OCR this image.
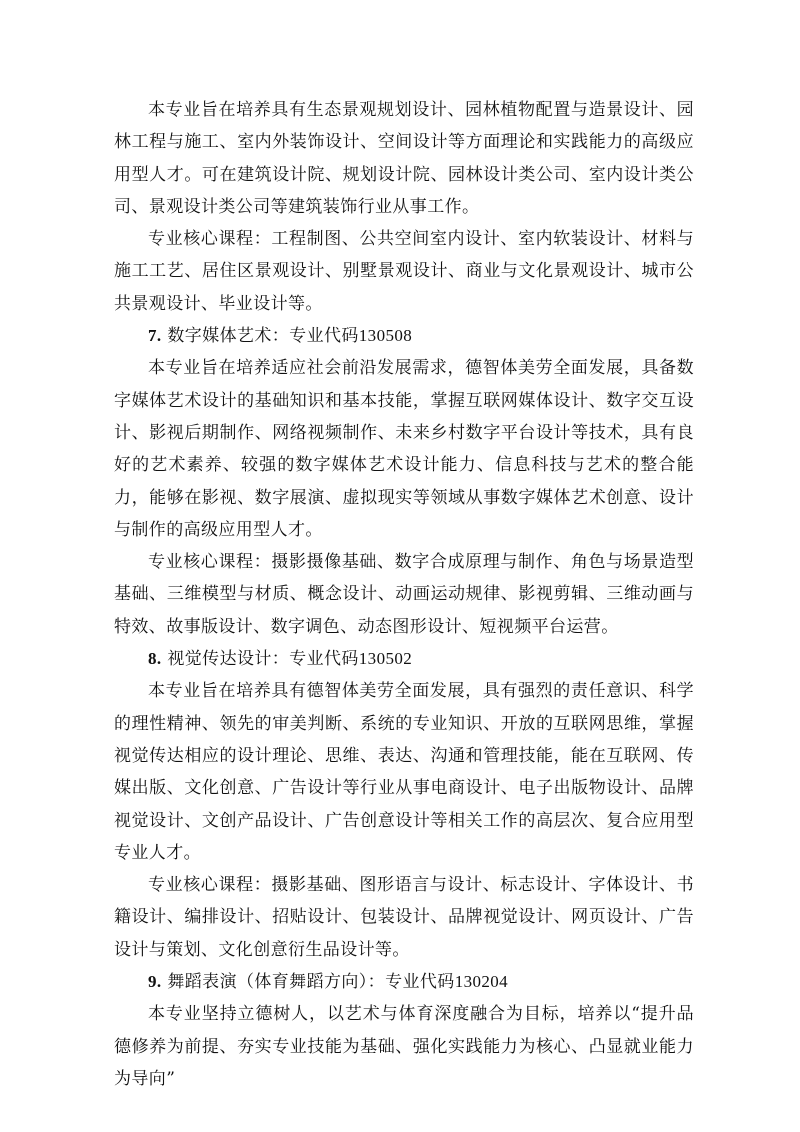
本专业旨在培养具有生态景观规划设计、园林植物配置与造景设计、园林工程与施工、室内外装饰设计、空间设计等方面理论和实践能力的高级应用型人才。可在建筑设计院、规划设计院、园林设计类公司、室内设计类公司、景观设计类公司等建筑装饰行业从事工作。

专业核心课程：工程制图、公共空间室内设计、室内软装设计、材料与施工工艺、居住区景观设计、别墅景观设计、商业与文化景观设计、城市公共景观设计、毕业设计等。

7. 数字媒体艺术：专业代码130508

本专业旨在培养适应社会前沿发展需求，德智体美劳全面发展，具备数字媒体艺术设计的基础知识和基本技能，掌握互联网媒体设计、数字交互设计、影视后期制作、网络视频制作、未来乡村数字平台设计等技术，具有良好的艺术素养、较强的数字媒体艺术设计能力、信息科技与艺术的整合能力，能够在影视、数字展演、虚拟现实等领域从事数字媒体艺术创意、设计与制作的高级应用型人才。

专业核心课程：摄影摄像基础、数字合成原理与制作、角色与场景造型基础、三维模型与材质、概念设计、动画运动规律、影视剪辑、三维动画与特效、故事版设计、数字调色、动态图形设计、短视频平台运营。

8. 视觉传达设计：专业代码130502

本专业旨在培养具有德智体美劳全面发展，具有强烈的责任意识、科学的理性精神、领先的审美判断、系统的专业知识、开放的互联网思维，掌握视觉传达相应的设计理论、思维、表达、沟通和管理技能，能在互联网、传媒出版、文化创意、广告设计等行业从事电商设计、电子出版物设计、品牌视觉设计、文创产品设计、广告创意设计等相关工作的高层次、复合应用型专业人才。

专业核心课程：摄影基础、图形语言与设计、标志设计、字体设计、书籍设计、编排设计、招贴设计、包装设计、品牌视觉设计、网页设计、广告设计与策划、文化创意衍生品设计等。

9. 舞蹈表演（体育舞蹈方向）：专业代码130204

本专业坚持立德树人，以艺术与体育深度融合为目标，培养以“提升品德修养为前提、夯实专业技能为基础、强化实践能力为核心、凸显就业能力为导向”
